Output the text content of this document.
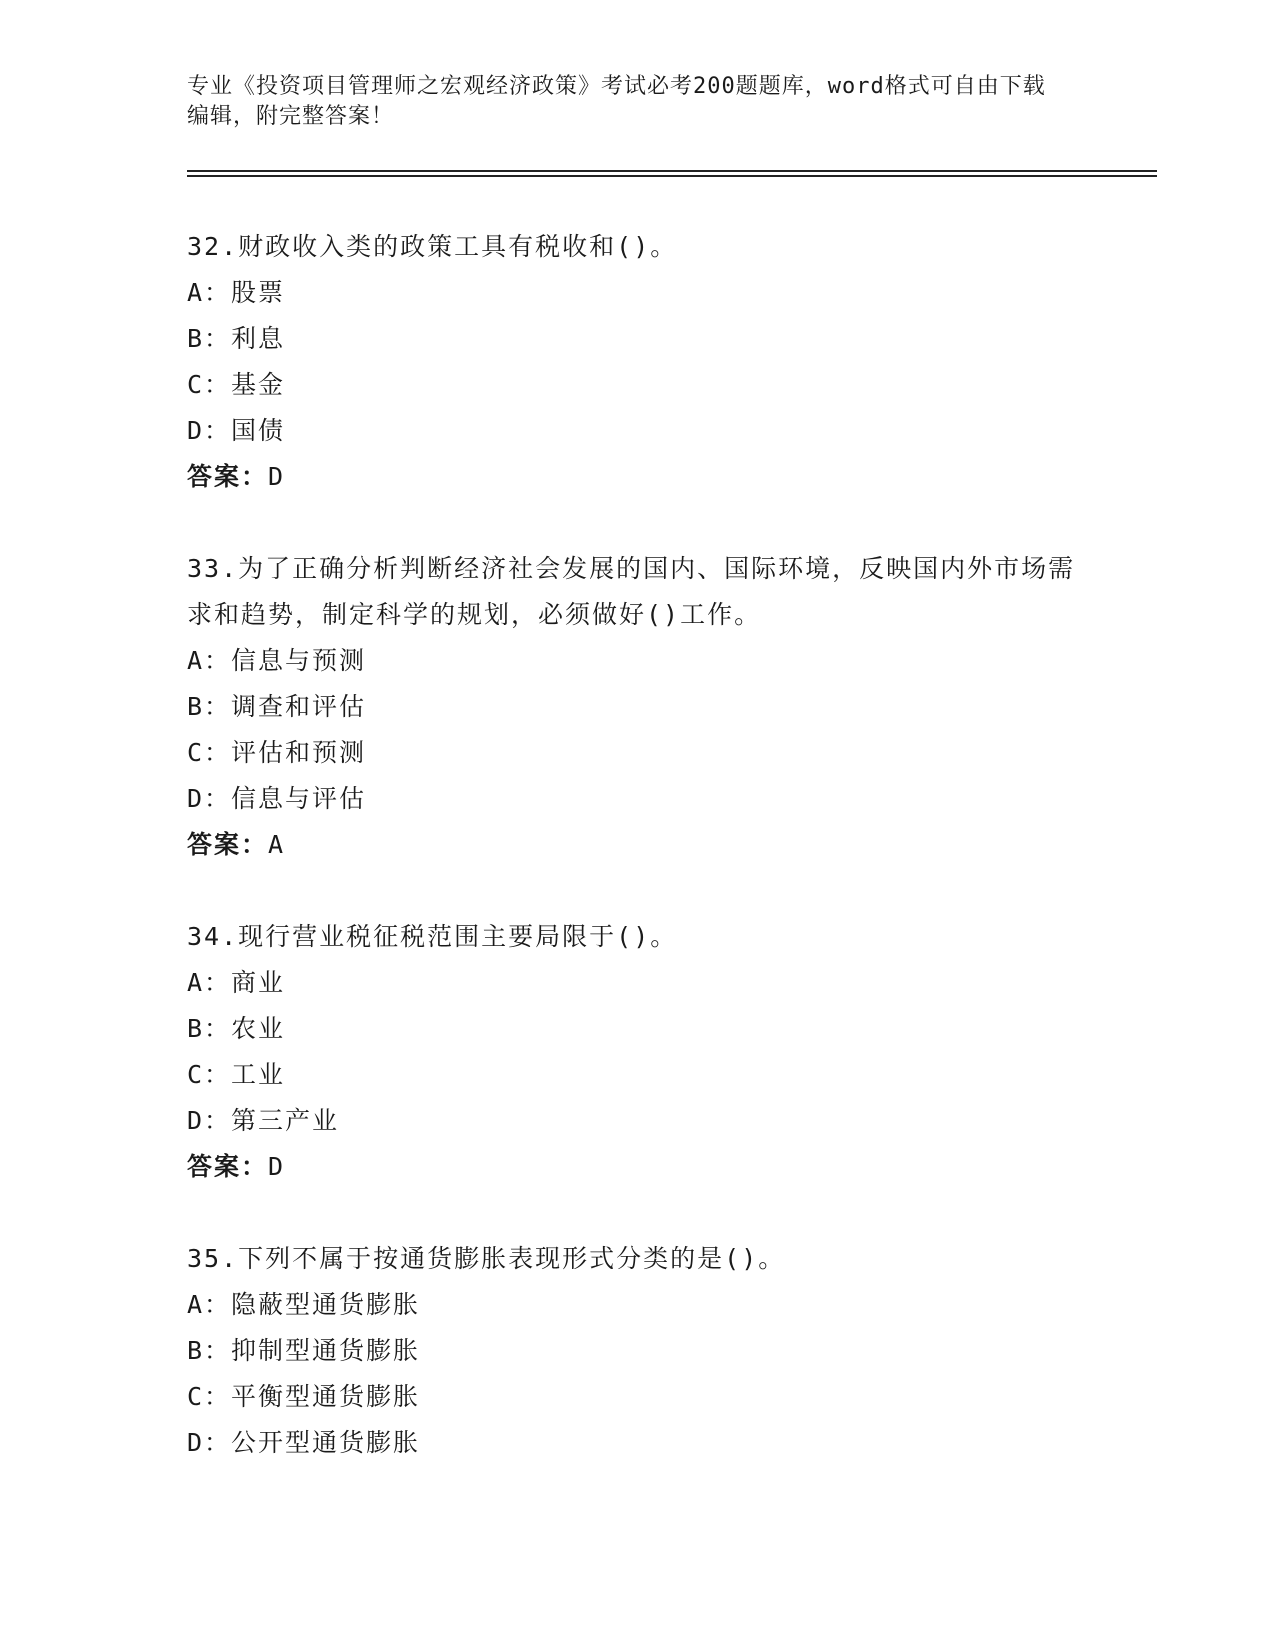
专业《投资项目管理师之宏观经济政策》考试必考200题题库，word格式可自由下载编辑，附完整答案！

32.财政收入类的政策工具有税收和()。

A：股票

B：利息

C：基金

D：国债

答案：D

33.为了正确分析判断经济社会发展的国内、国际环境，反映国内外市场需求和趋势，制定科学的规划，必须做好()工作。

A：信息与预测

B：调查和评估

C：评估和预测

D：信息与评估

答案：A

34.现行营业税征税范围主要局限于()。

A：商业

B：农业

C：工业

D：第三产业

答案：D

35.下列不属于按通货膨胀表现形式分类的是()。

A：隐蔽型通货膨胀

B：抑制型通货膨胀

C：平衡型通货膨胀

D：公开型通货膨胀
